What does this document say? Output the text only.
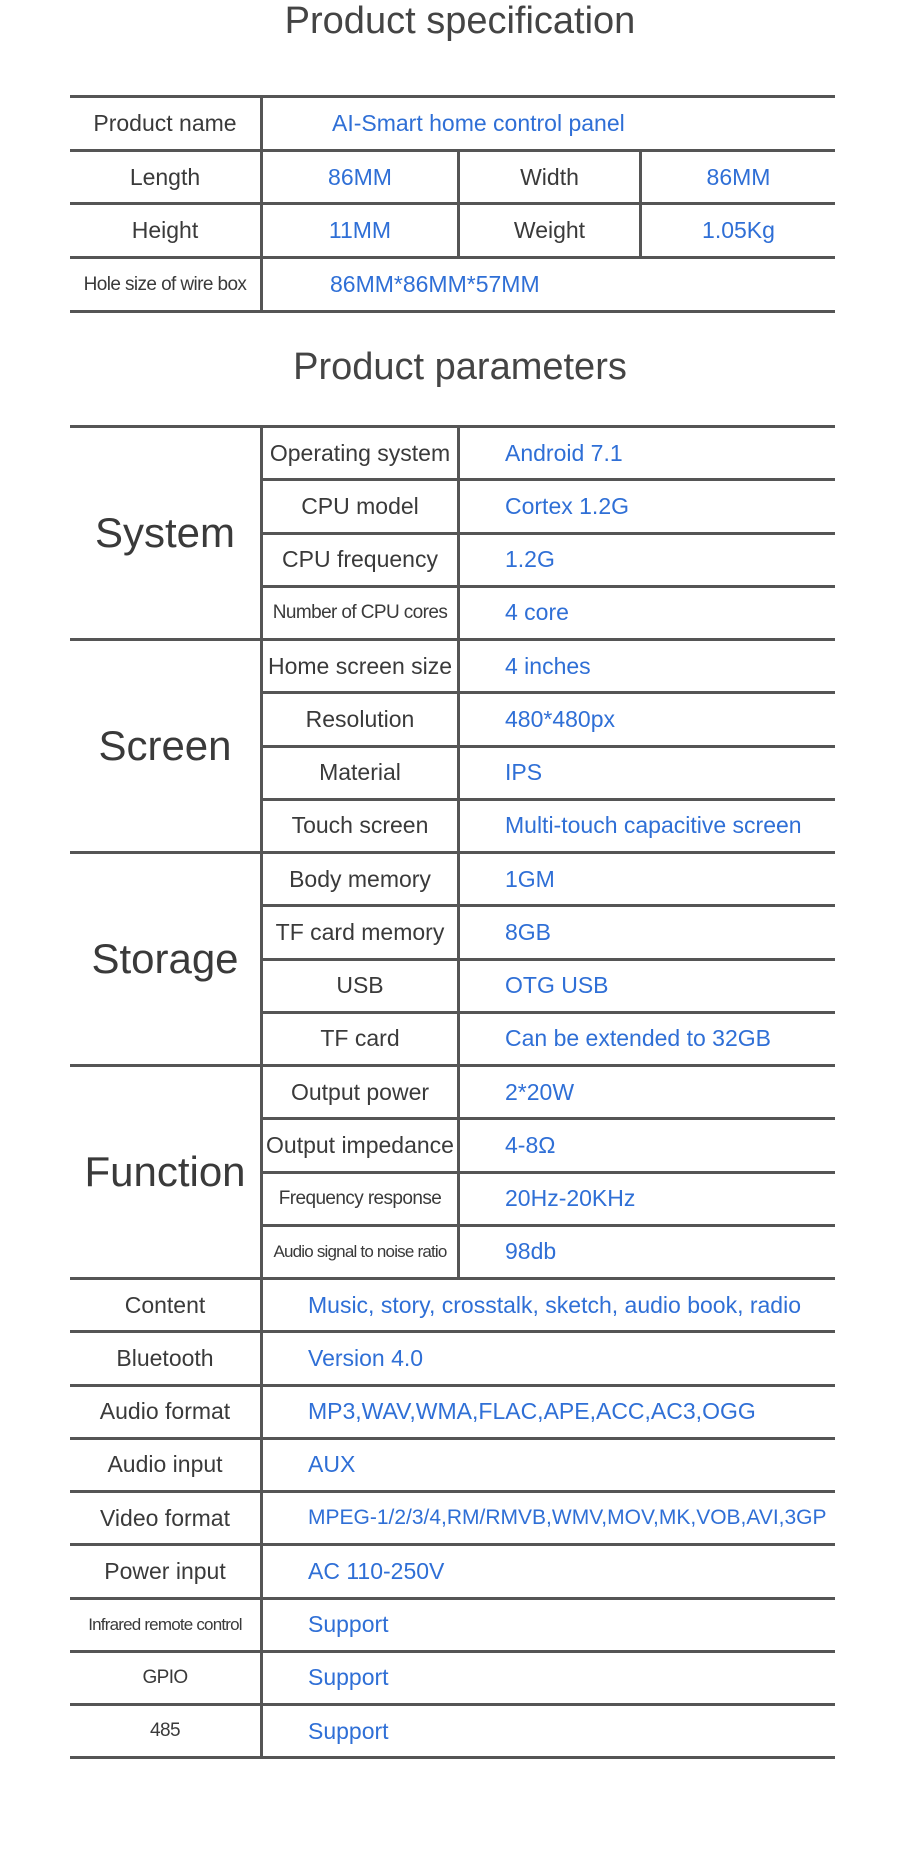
Product specification
Product name	AI-Smart home control panel
Length	86MM	Width	86MM
Height	11MM	Weight	1.05Kg
Hole size of wire box	86MM*86MM*57MM
Product parameters
System
Operating system Android 7.1
CPU model	Cortex 1.2G
CPU frequency	1.2G
Number of CPU cores	4 core
Screen
Home screen size 4 inches
Resolution	480*480px
Material	IPS
Touch screen	Multi-touch capacitive screen
Storage
Body memory	1GM
TF card memory	8GB
USB	OTG USB
TF card	Can be extended to 32GB
Function
Output power	2*20W
Output impedance 4-8Ω
Frequency response	20Hz-20KHz
Audio signal to noise ratio	98db
Content	Music, story, crosstalk, sketch, audio book, radio
Bluetooth	Version 4.0
Audio format	MP3,WAV,WMA,FLAC,APE,ACC,AC3,OGG
Audio input	AUX
Video format	MPEG-1/2/3/4,RM/RMVB,WMV,MOV,MK,VOB,AVI,3GP
Power input	AC 110-250V
Infrared remote control	Support
GPIO	Support
485	Support
